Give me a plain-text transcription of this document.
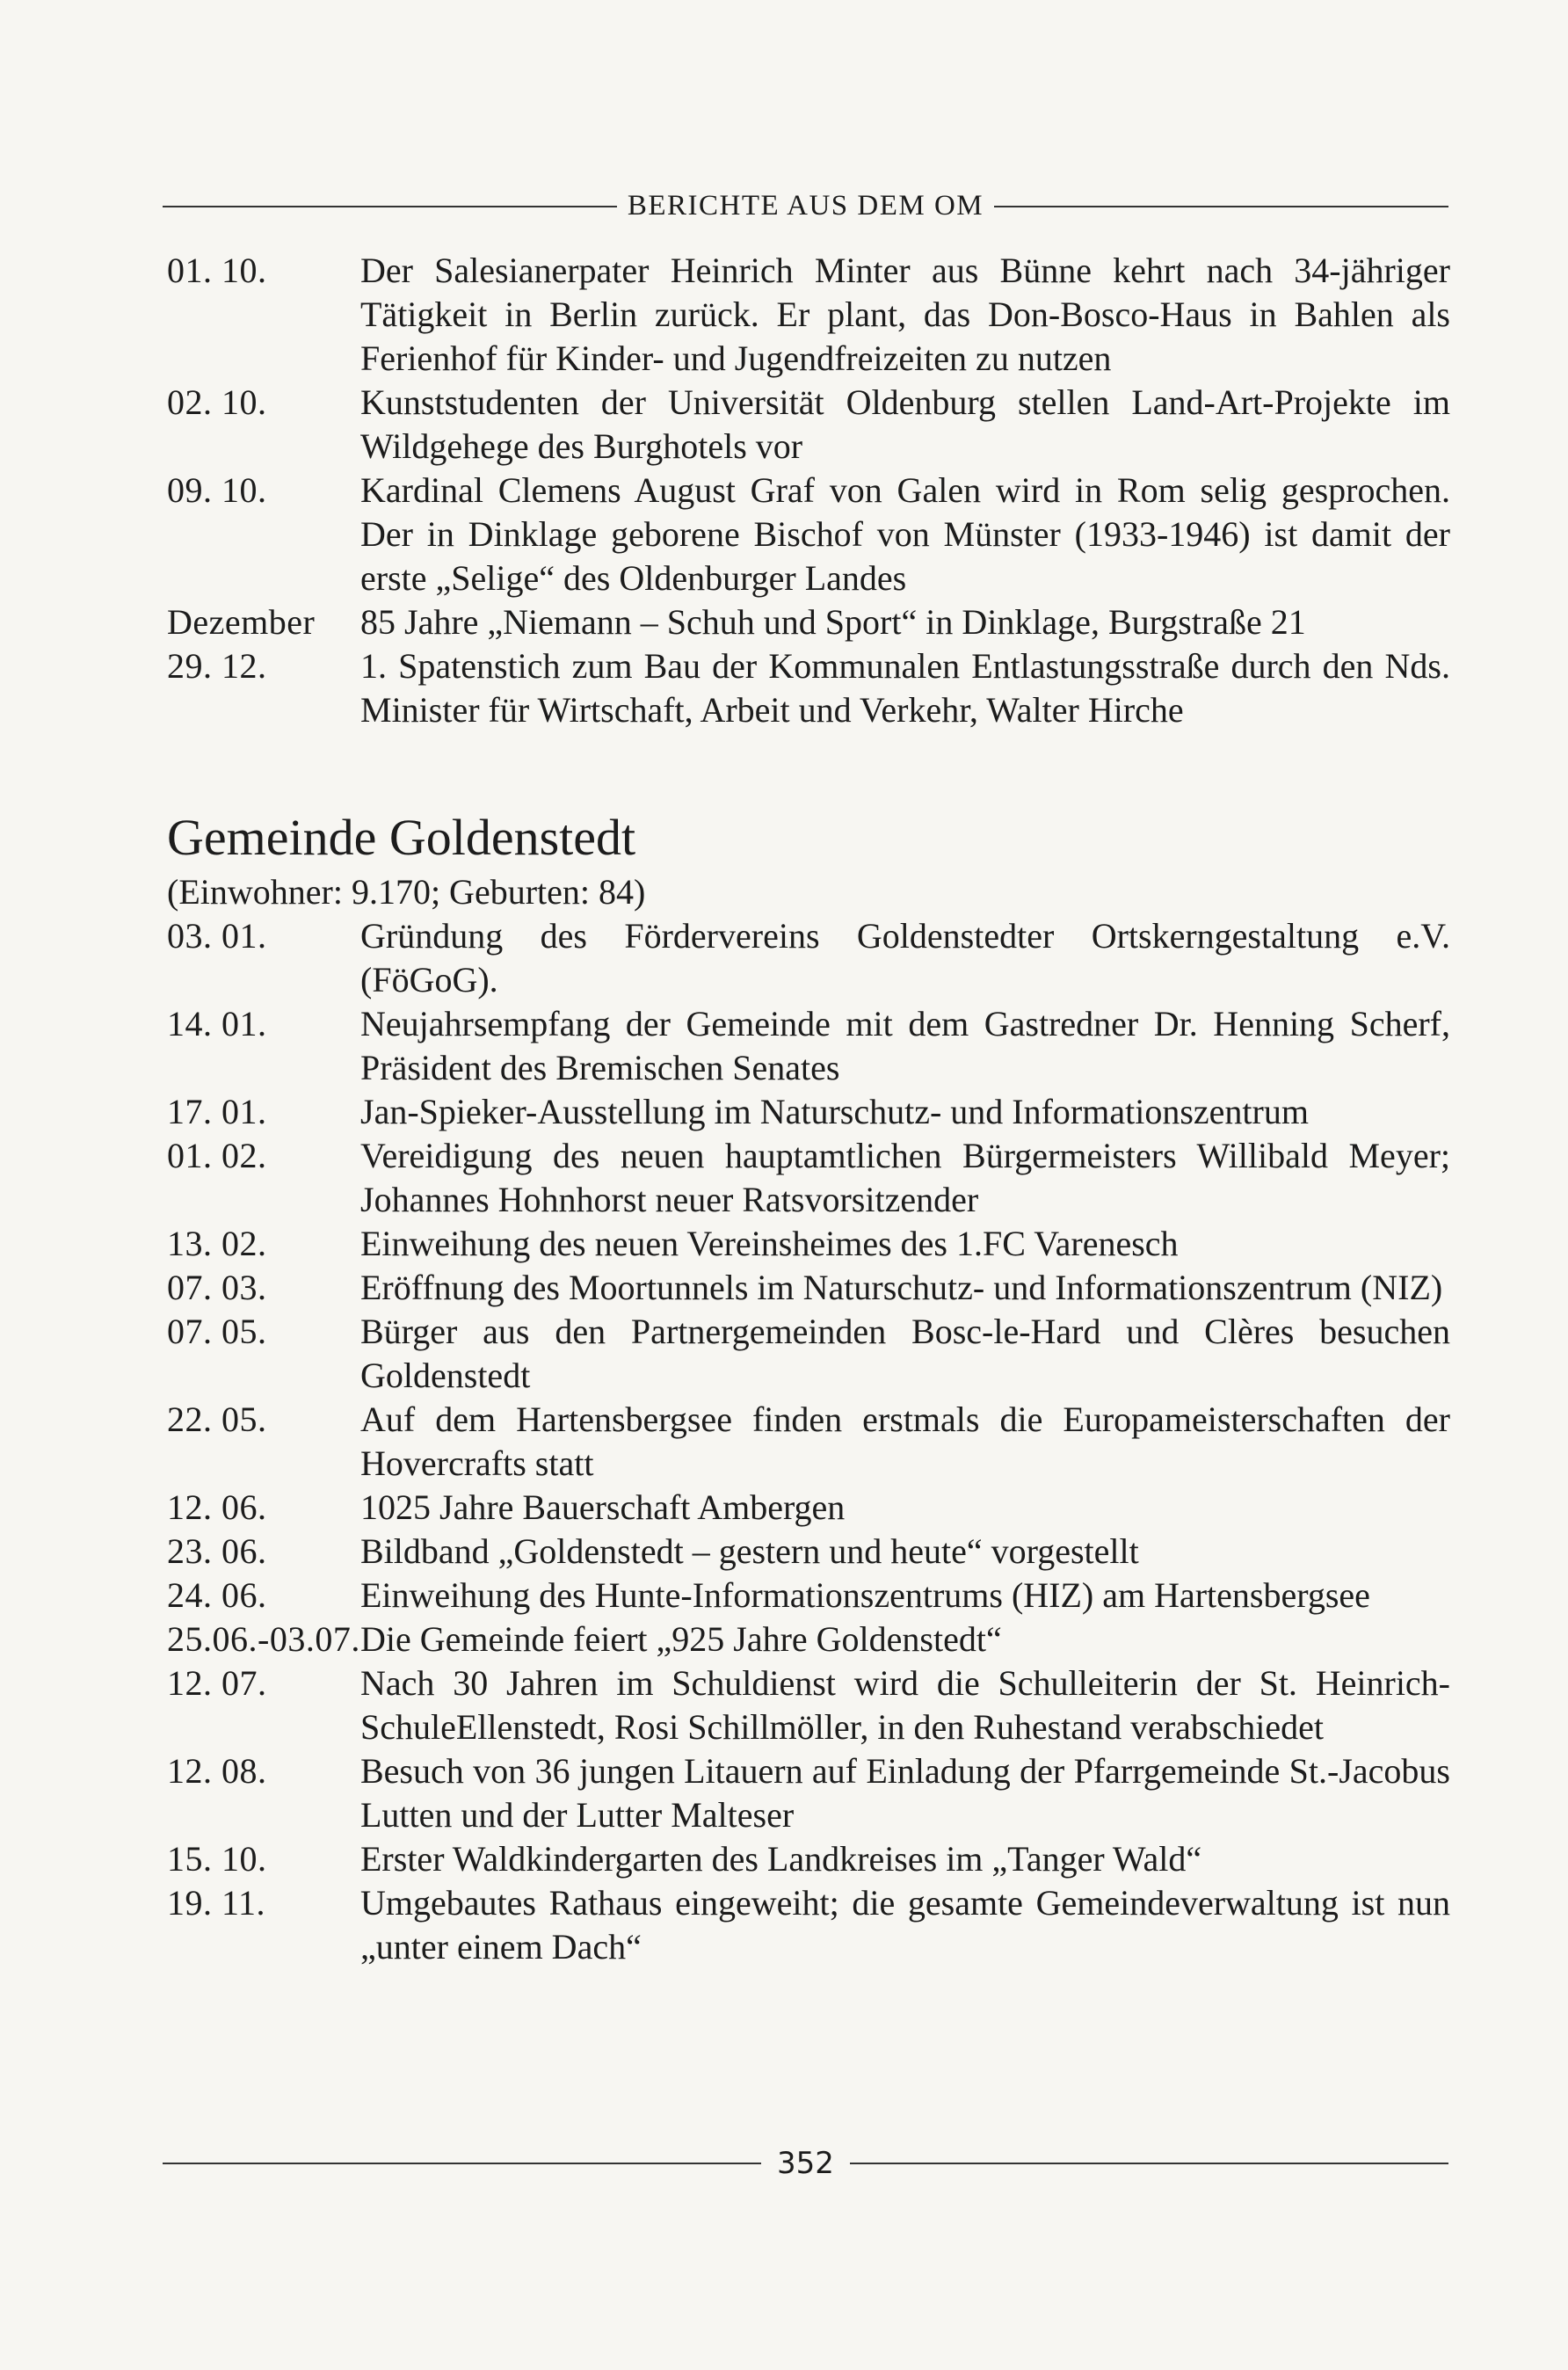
BERICHTE AUS DEM OM
01. 10.	Der Salesianerpater Heinrich Minter aus Bünne kehrt nach 34-jähriger Tätigkeit in Berlin zurück. Er plant, das Don-Bosco-Haus in Bahlen als Ferienhof für Kinder- und Jugendfreizeiten zu nutzen
02. 10.	Kunststudenten der Universität Oldenburg stellen Land-Art-Projekte im Wildgehege des Burghotels vor
09. 10.	Kardinal Clemens August Graf von Galen wird in Rom selig gesprochen. Der in Dinklage geborene Bischof von Münster (1933-1946) ist damit der erste „Selige“ des Oldenburger Landes
Dezember	85 Jahre „Niemann – Schuh und Sport“ in Dinklage, Burgstraße 21
29. 12.	1. Spatenstich zum Bau der Kommunalen Entlastungsstraße durch den Nds. Minister für Wirtschaft, Arbeit und Verkehr, Walter Hirche
Gemeinde Goldenstedt
(Einwohner: 9.170; Geburten: 84)
03. 01.	Gründung des Fördervereins Goldenstedter Ortskerngestaltung e.V. (FöGoG).
14. 01.	Neujahrsempfang der Gemeinde mit dem Gastredner Dr. Henning Scherf, Präsident des Bremischen Senates
17. 01.	Jan-Spieker-Ausstellung im Naturschutz- und Informationszentrum
01. 02.	Vereidigung des neuen hauptamtlichen Bürgermeisters Willibald Meyer; Johannes Hohnhorst neuer Ratsvorsitzender
13. 02.	Einweihung des neuen Vereinsheimes des 1.FC Varenesch
07. 03.	Eröffnung des Moortunnels im Naturschutz- und Informationszentrum (NIZ)
07. 05.	Bürger aus den Partnergemeinden Bosc-le-Hard und Clères besuchen Goldenstedt
22. 05.	Auf dem Hartensbergsee finden erstmals die Europameisterschaften der Hovercrafts statt
12. 06.	1025 Jahre Bauerschaft Ambergen
23. 06.	Bildband „Goldenstedt – gestern und heute“ vorgestellt
24. 06.	Einweihung des Hunte-Informationszentrums (HIZ) am Hartensbergsee
25.06.-03.07. Die Gemeinde feiert „925 Jahre Goldenstedt“
12. 07.	Nach 30 Jahren im Schuldienst wird die Schulleiterin der St. Heinrich-SchuleEllenstedt, Rosi Schillmöller, in den Ruhestand verabschiedet
12. 08.	Besuch von 36 jungen Litauern auf Einladung der Pfarrgemeinde St.-Jacobus Lutten und der Lutter Malteser
15. 10.	Erster Waldkindergarten des Landkreises im „Tanger Wald“
19. 11.	Umgebautes Rathaus eingeweiht; die gesamte Gemeindeverwaltung ist nun „unter einem Dach“
352
